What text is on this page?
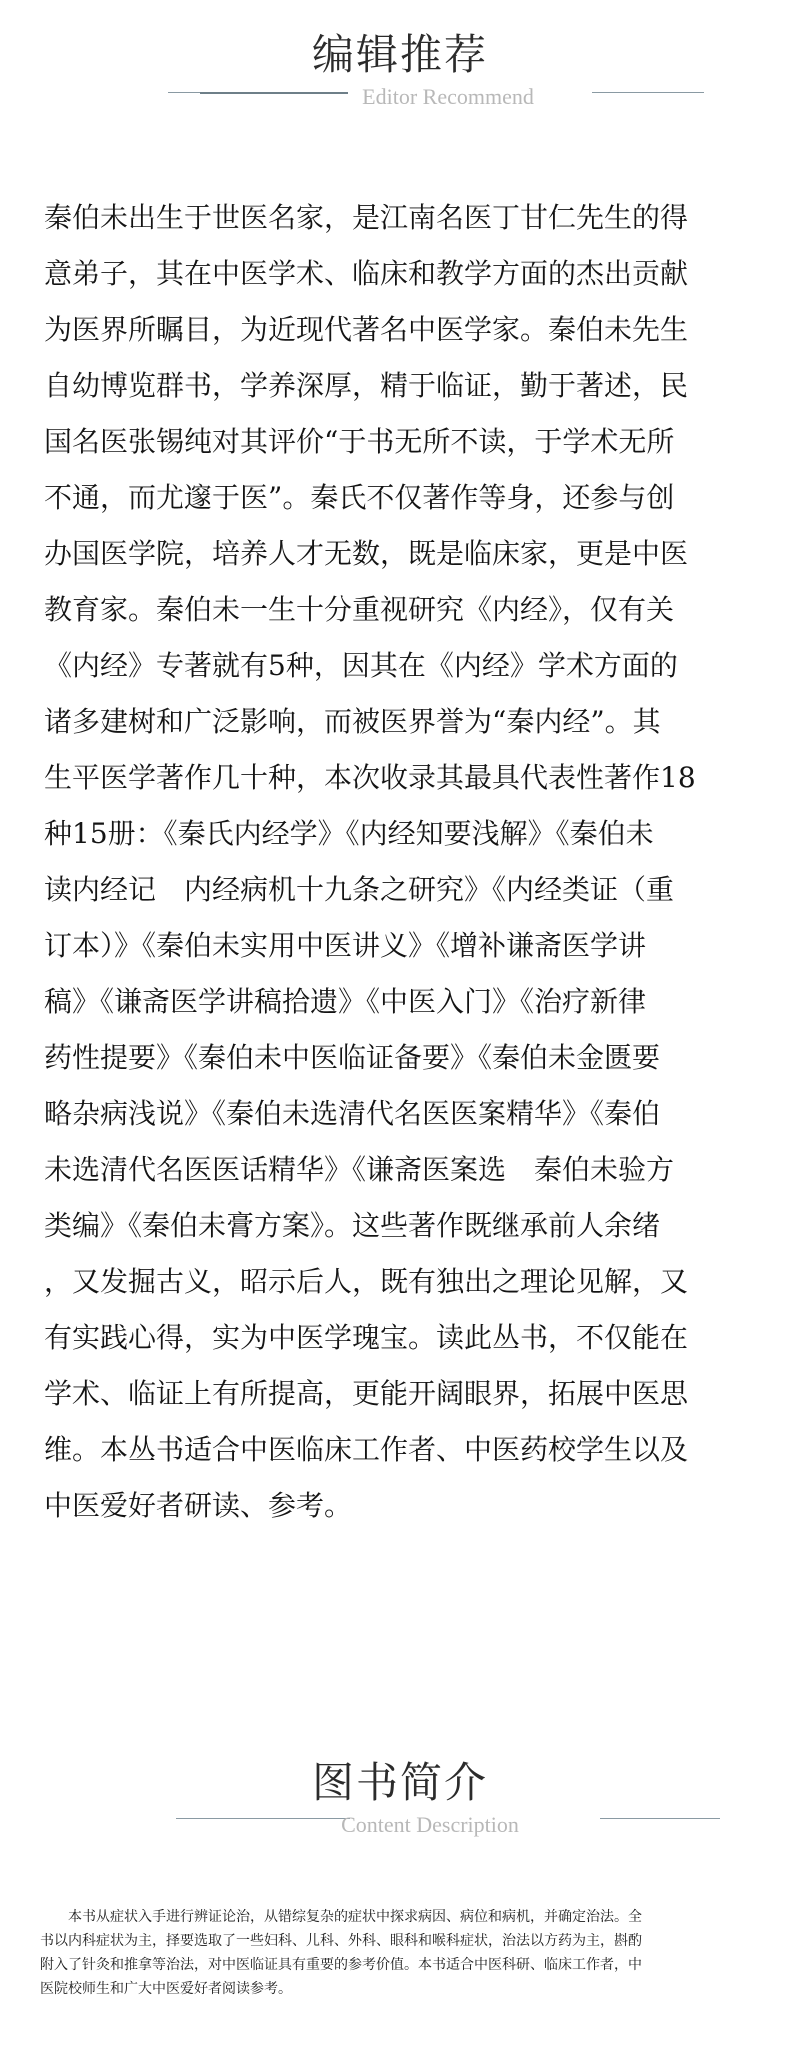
编辑推荐
Editor Recommend
秦伯未出生于世医名家，是江南名医丁甘仁先生的得
意弟子，其在中医学术、临床和教学方面的杰出贡献
为医界所瞩目，为近现代著名中医学家。秦伯未先生
自幼博览群书，学养深厚，精于临证，勤于著述，民
国名医张锡纯对其评价“于书无所不读，于学术无所
不通，而尤邃于医”。秦氏不仅著作等身，还参与创
办国医学院，培养人才无数，既是临床家，更是中医
教育家。秦伯未一生十分重视研究《内经》，仅有关
《内经》专著就有5种，因其在《内经》学术方面的
诸多建树和广泛影响，而被医界誉为“秦内经”。其
生平医学著作几十种，本次收录其最具代表性著作18
种15册：《秦氏内经学》《内经知要浅解》《秦伯未
读内经记　内经病机十九条之研究》《内经类证（重
订本）》《秦伯未实用中医讲义》《增补谦斋医学讲
稿》《谦斋医学讲稿拾遗》《中医入门》《治疗新律
药性提要》《秦伯未中医临证备要》《秦伯未金匮要
略杂病浅说》《秦伯未选清代名医医案精华》《秦伯
未选清代名医医话精华》《谦斋医案选　秦伯未验方
类编》《秦伯未膏方案》。这些著作既继承前人余绪
，又发掘古义，昭示后人，既有独出之理论见解，又
有实践心得，实为中医学瑰宝。读此丛书，不仅能在
学术、临证上有所提高，更能开阔眼界，拓展中医思
维。本丛书适合中医临床工作者、中医药校学生以及
中医爱好者研读、参考。
图书简介
Content Description
　　本书从症状入手进行辨证论治，从错综复杂的症状中探求病因、病位和病机，并确定治法。全
书以内科症状为主，择要选取了一些妇科、儿科、外科、眼科和喉科症状，治法以方药为主，斟酌
附入了针灸和推拿等治法，对中医临证具有重要的参考价值。本书适合中医科研、临床工作者，中
医院校师生和广大中医爱好者阅读参考。
